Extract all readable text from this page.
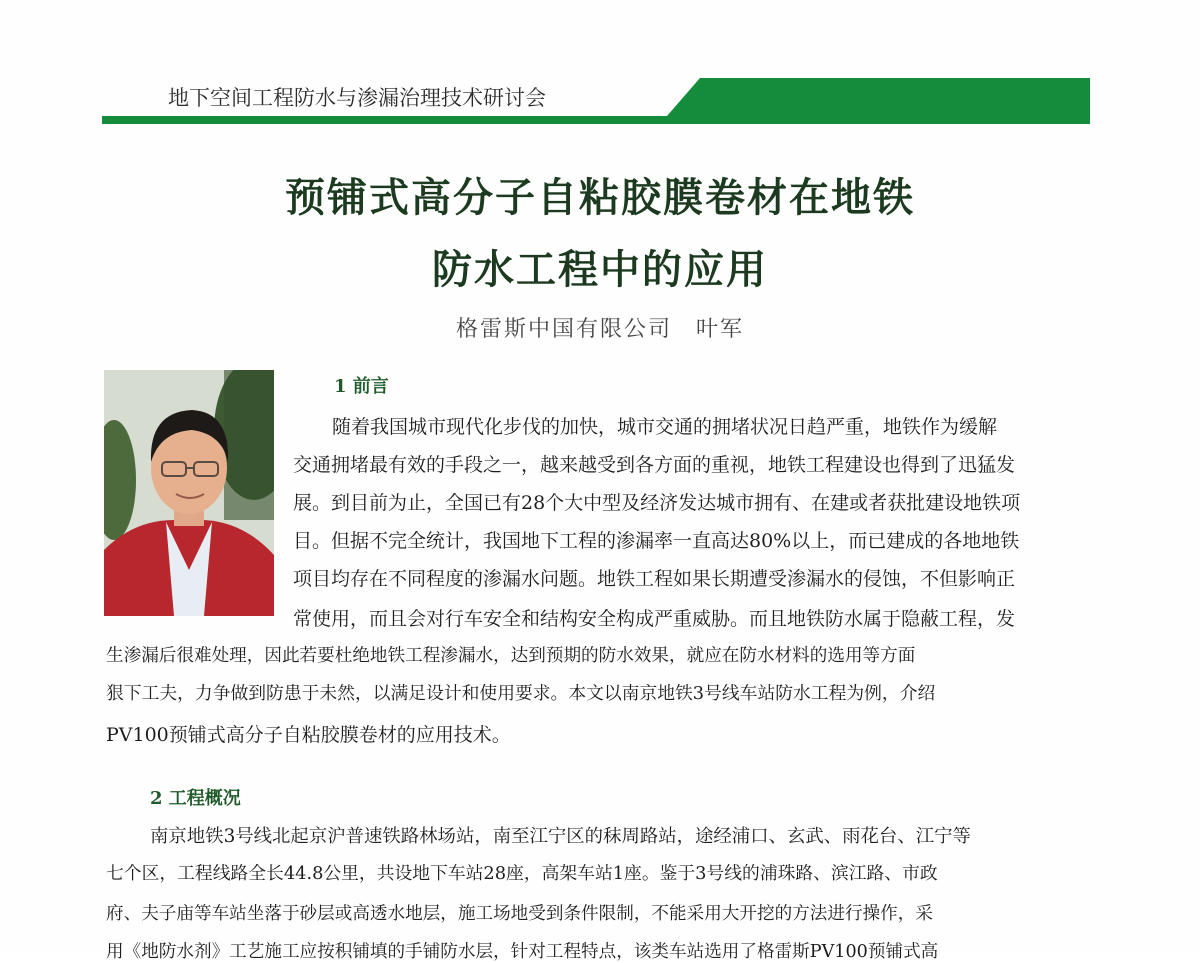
地下空间工程防水与渗漏治理技术研讨会
预铺式高分子自粘胶膜卷材在地铁
防水工程中的应用
格雷斯中国有限公司　叶军
1 前言
随着我国城市现代化步伐的加快，城市交通的拥堵状况日趋严重，地铁作为缓解
交通拥堵最有效的手段之一，越来越受到各方面的重视，地铁工程建设也得到了迅猛发
展。到目前为止，全国已有28个大中型及经济发达城市拥有、在建或者获批建设地铁项
目。但据不完全统计，我国地下工程的渗漏率一直高达80%以上，而已建成的各地地铁
项目均存在不同程度的渗漏水问题。地铁工程如果长期遭受渗漏水的侵蚀，不但影响正
常使用，而且会对行车安全和结构安全构成严重威胁。而且地铁防水属于隐蔽工程，发
生渗漏后很难处理，因此若要杜绝地铁工程渗漏水，达到预期的防水效果，就应在防水材料的选用等方面
狠下工夫，力争做到防患于未然，以满足设计和使用要求。本文以南京地铁3号线车站防水工程为例，介绍
PV100预铺式高分子自粘胶膜卷材的应用技术。
2 工程概况
南京地铁3号线北起京沪普速铁路林场站，南至江宁区的秣周路站，途经浦口、玄武、雨花台、江宁等
七个区，工程线路全长44.8公里，共设地下车站28座，高架车站1座。鉴于3号线的浦珠路、滨江路、市政
府、夫子庙等车站坐落于砂层或高透水地层，施工场地受到条件限制，不能采用大开挖的方法进行操作，采
用《地防水剂》工艺施工应按积铺填的手铺防水层，针对工程特点，该类车站选用了格雷斯PV100预铺式高
